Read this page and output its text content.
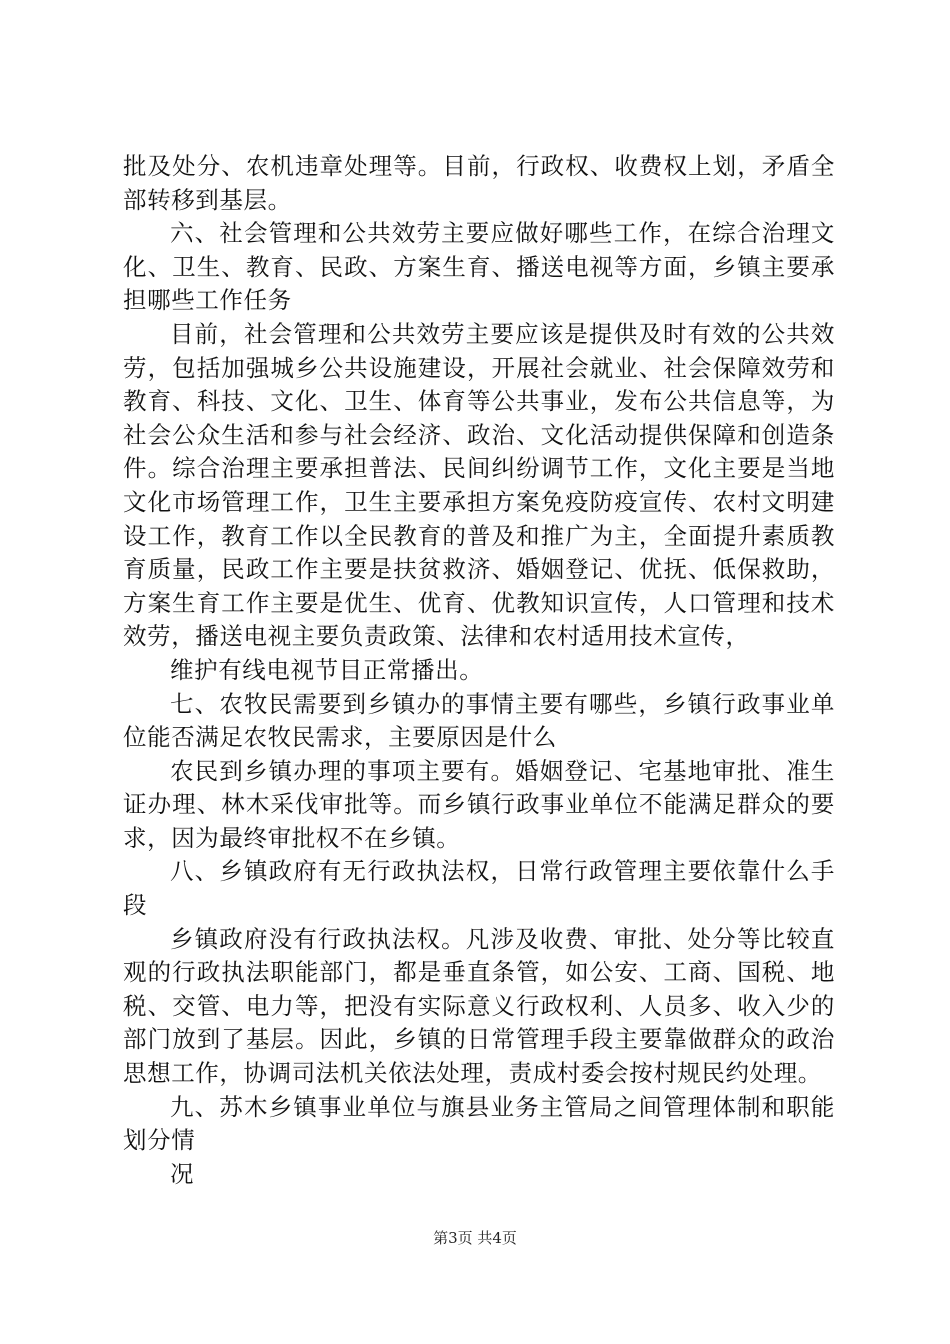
批及处分、农机违章处理等。目前，行政权、收费权上划，矛盾全部转移到基层。

六、社会管理和公共效劳主要应做好哪些工作，在综合治理文化、卫生、教育、民政、方案生育、播送电视等方面，乡镇主要承担哪些工作任务

目前，社会管理和公共效劳主要应该是提供及时有效的公共效劳，包括加强城乡公共设施建设，开展社会就业、社会保障效劳和教育、科技、文化、卫生、体育等公共事业，发布公共信息等，为社会公众生活和参与社会经济、政治、文化活动提供保障和创造条件。综合治理主要承担普法、民间纠纷调节工作，文化主要是当地文化市场管理工作，卫生主要承担方案免疫防疫宣传、农村文明建设工作，教育工作以全民教育的普及和推广为主，全面提升素质教育质量，民政工作主要是扶贫救济、婚姻登记、优抚、低保救助，方案生育工作主要是优生、优育、优教知识宣传，人口管理和技术效劳，播送电视主要负责政策、法律和农村适用技术宣传，

维护有线电视节目正常播出。

七、农牧民需要到乡镇办的事情主要有哪些，乡镇行政事业单位能否满足农牧民需求，主要原因是什么

农民到乡镇办理的事项主要有。婚姻登记、宅基地审批、准生证办理、林木采伐审批等。而乡镇行政事业单位不能满足群众的要求，因为最终审批权不在乡镇。

八、乡镇政府有无行政执法权，日常行政管理主要依靠什么手段

乡镇政府没有行政执法权。凡涉及收费、审批、处分等比较直观的行政执法职能部门，都是垂直条管，如公安、工商、国税、地税、交管、电力等，把没有实际意义行政权利、人员多、收入少的部门放到了基层。因此，乡镇的日常管理手段主要靠做群众的政治思想工作，协调司法机关依法处理，责成村委会按村规民约处理。

九、苏木乡镇事业单位与旗县业务主管局之间管理体制和职能划分情

况

第3页 共4页
